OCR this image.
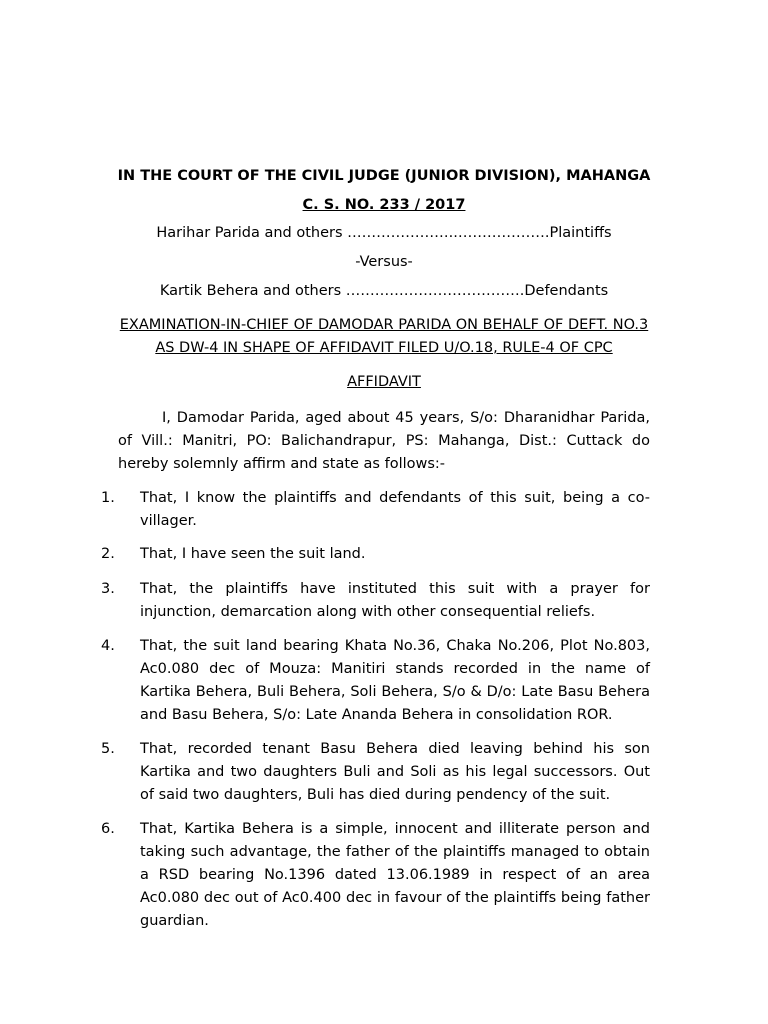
IN THE COURT OF THE CIVIL JUDGE (JUNIOR DIVISION), MAHANGA
C. S. NO. 233 / 2017
Harihar Parida and others …………………..……………….Plaintiffs
-Versus-
Kartik Behera and others ……………………………….Defendants
EXAMINATION-IN-CHIEF OF DAMODAR PARIDA ON BEHALF OF DEFT. NO.3
AS DW-4 IN SHAPE OF AFFIDAVIT FILED U/O.18, RULE-4 OF CPC
AFFIDAVIT
I, Damodar Parida, aged about 45 years, S/o: Dharanidhar Parida, of Vill.: Manitri, PO: Balichandrapur, PS: Mahanga, Dist.: Cuttack do hereby solemnly affirm and state as follows:-
1. That, I know the plaintiffs and defendants of this suit, being a co-villager.
2. That, I have seen the suit land.
3. That, the plaintiffs have instituted this suit with a prayer for injunction, demarcation along with other consequential reliefs.
4. That, the suit land bearing Khata No.36, Chaka No.206, Plot No.803, Ac0.080 dec of Mouza: Manitiri stands recorded in the name of Kartika Behera, Buli Behera, Soli Behera, S/o & D/o: Late Basu Behera and Basu Behera, S/o: Late Ananda Behera in consolidation ROR.
5. That, recorded tenant Basu Behera died leaving behind his son Kartika and two daughters Buli and Soli as his legal successors. Out of said two daughters, Buli has died during pendency of the suit.
6. That, Kartika Behera is a simple, innocent and illiterate person and taking such advantage, the father of the plaintiffs managed to obtain a RSD bearing No.1396 dated 13.06.1989 in respect of an area Ac0.080 dec out of Ac0.400 dec in favour of the plaintiffs being father guardian.
